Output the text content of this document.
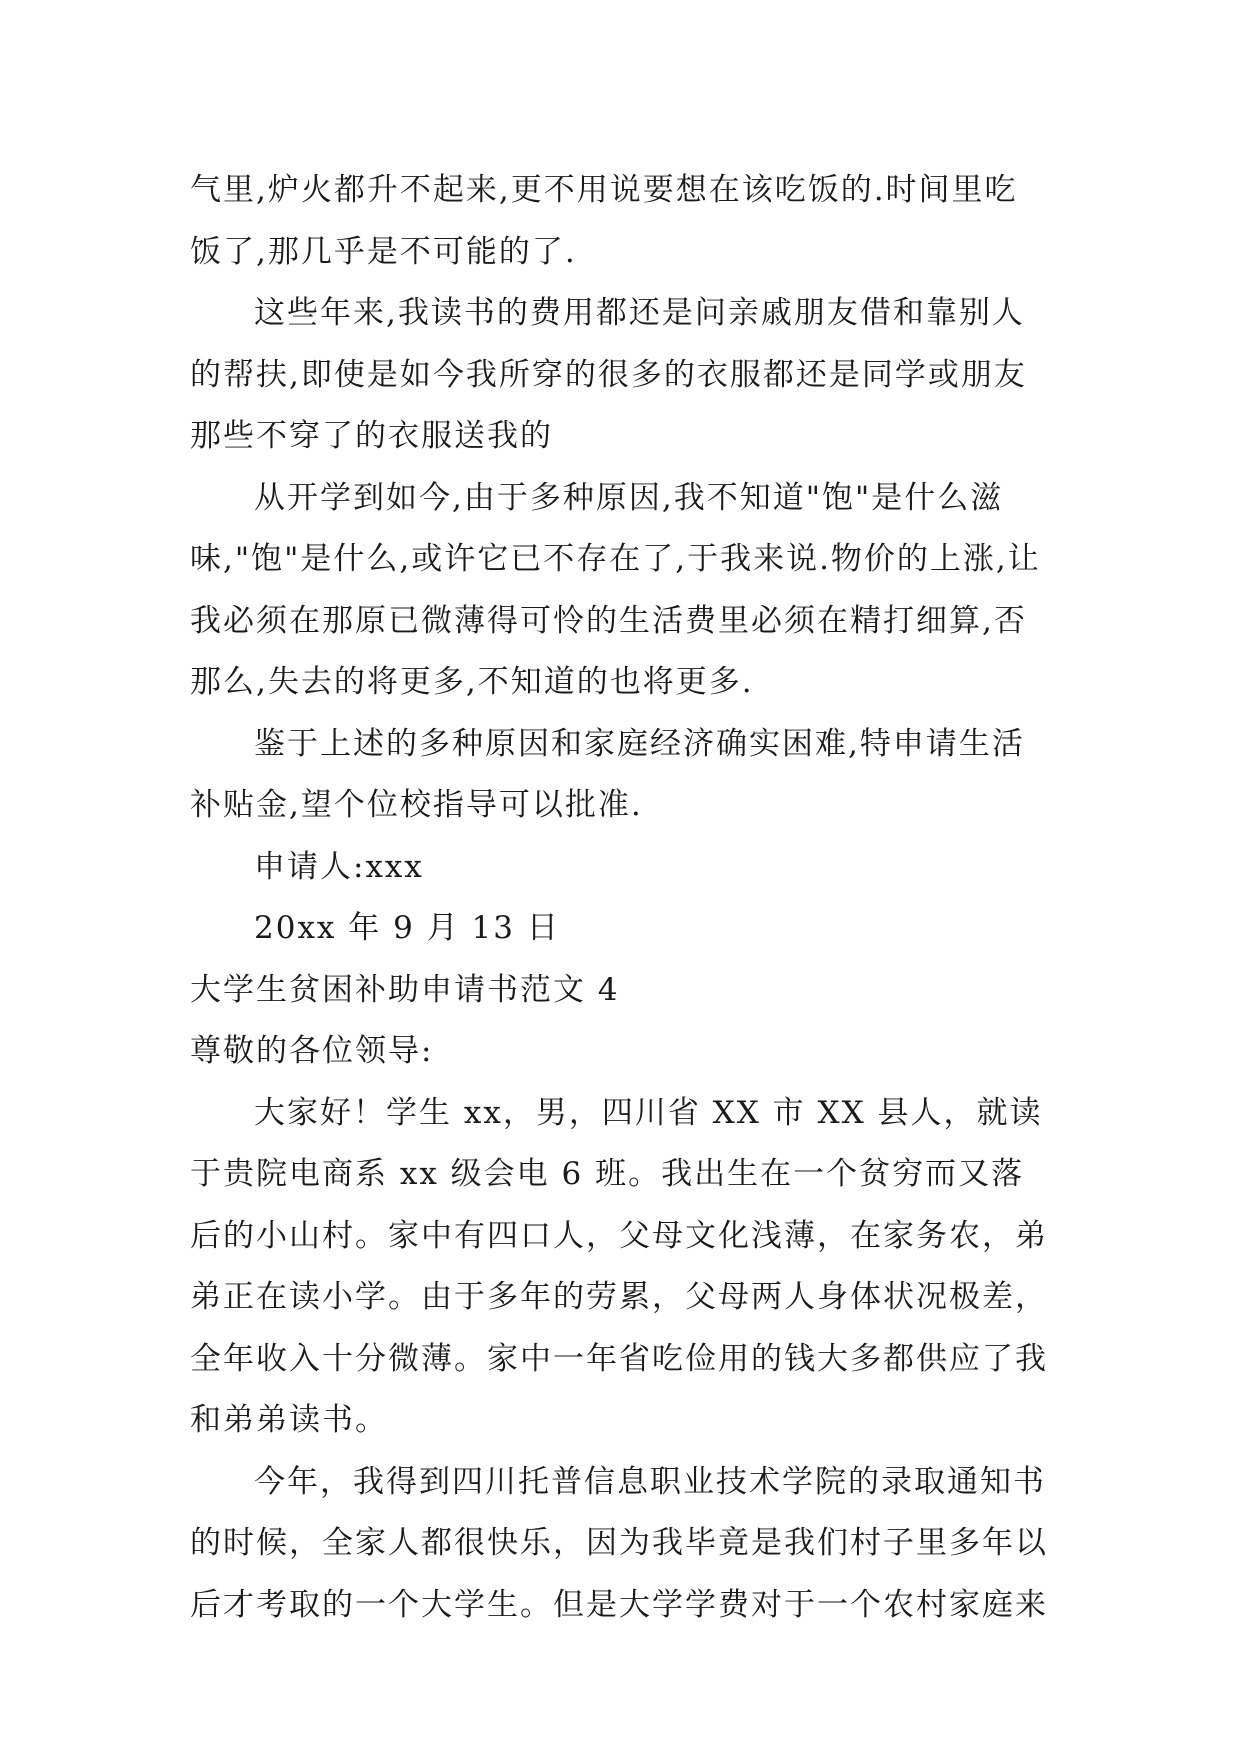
气里,炉火都升不起来,更不用说要想在该吃饭的.时间里吃饭了,那几乎是不可能的了.

这些年来,我读书的费用都还是问亲戚朋友借和靠别人的帮扶,即使是如今我所穿的很多的衣服都还是同学或朋友那些不穿了的衣服送我的

从开学到如今,由于多种原因,我不知道"饱"是什么滋味,"饱"是什么,或许它已不存在了,于我来说.物价的上涨,让我必须在那原已微薄得可怜的生活费里必须在精打细算,否那么,失去的将更多,不知道的也将更多.

鉴于上述的多种原因和家庭经济确实困难,特申请生活补贴金,望个位校指导可以批准.

申请人:xxx

20xx 年 9 月 13 日

大学生贫困补助申请书范文 4

尊敬的各位领导:

大家好！学生 xx，男，四川省 XX 市 XX 县人，就读于贵院电商系 xx 级会电 6 班。我出生在一个贫穷而又落后的小山村。家中有四口人，父母文化浅薄，在家务农，弟弟正在读小学。由于多年的劳累，父母两人身体状况极差，全年收入十分微薄。家中一年省吃俭用的钱大多都供应了我和弟弟读书。

今年，我得到四川托普信息职业技术学院的录取通知书的时候，全家人都很快乐，因为我毕竟是我们村子里多年以后才考取的一个大学生。但是大学学费对于一个农村家庭来
